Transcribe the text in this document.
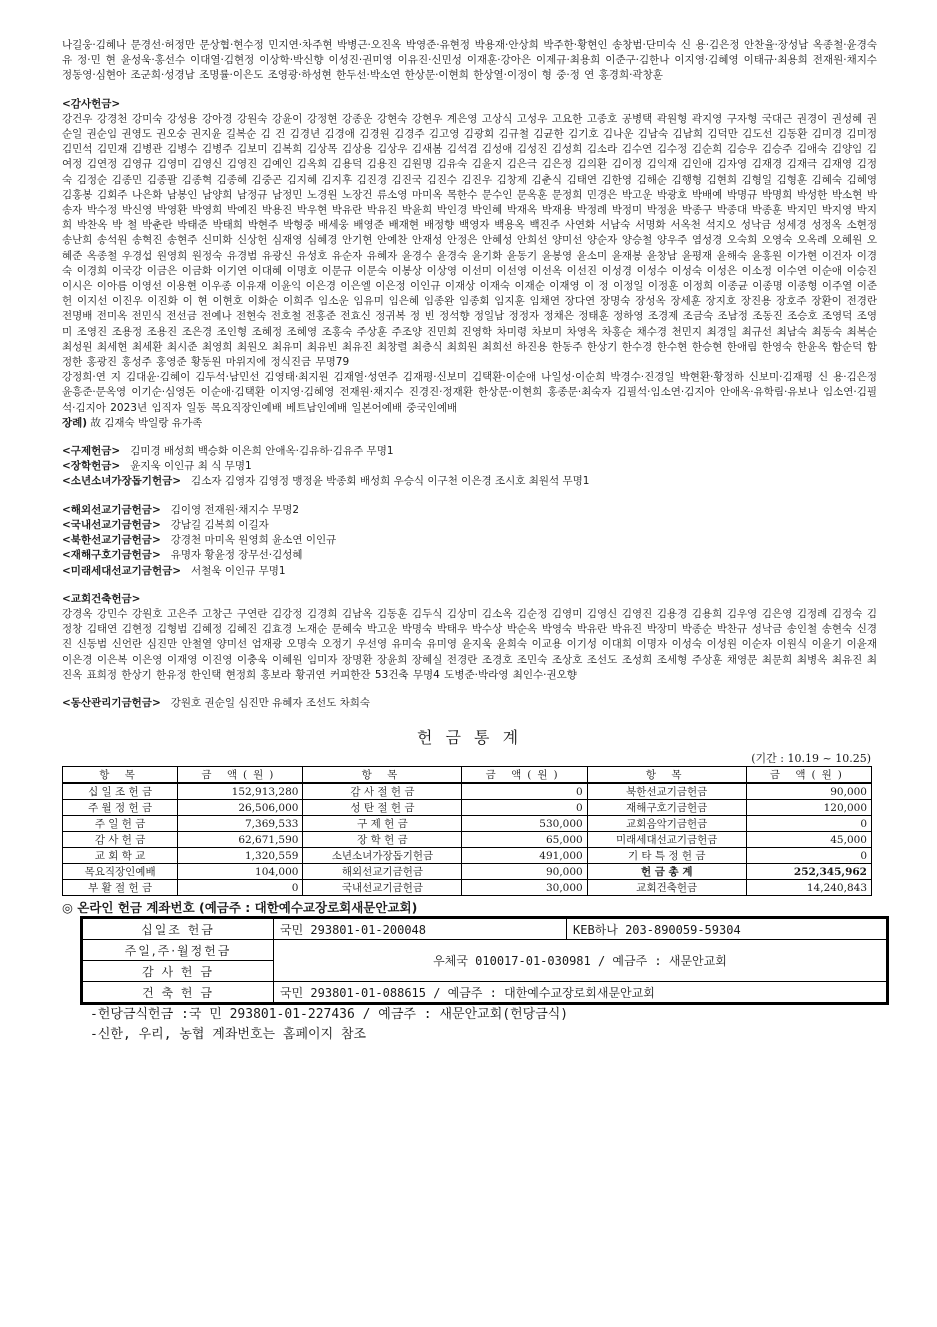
나길웅·김혜나 문경선·허정만 문상협·현수정 민지연·차주현 박병근·오진옥 박영준·유현정 박용재·안상희 박주한·황현인 송창범·단미숙 신 용·김은정 안찬율·장성남 옥종철·윤경숙 유 정·민 현 윤성욱·홍선수 이대열·김현정 이상학·박신향 이성진·권미영 이유진·신민성 이재훈·강아은 이제규·최용희 이준구·김한나 이지영·김혜영 이태규·최용희 전재원·채지수 정동영·심현아 조군희·성경남 조명률·이은도 조영광·하성현 한두선·박소연 한상문·이현희 한상열·이정이 형 중·정 연 홍경희·곽창훈
<감사헌금>
강건우 강경천 강미숙 강성용 강아경 강원숙 강윤이 강정현 강종운 강현숙 강현우 계은영 고상식 고성우 고요한 고종호 공병택 곽원형 곽지영 구자형 국대근 권경이 권성혜 권순일 권순임 권영도 권오숭 권지윤 길복순 김 건 김경년 김경애 김경원 김경주 김고영 김광회 김규철 김균한 김기호 김나운 김남숙 김남희 김덕만 김도선 김동환 김미경 김미정 김민석 김민재 김병관 김병수 김병주 김보미 김복희 김상목 김상용 김상우 김새봄 김석겸 김성애 김성진 김성희 김소라 김수연 김수정 김순희 김승우 김승주 김애숙 김양임 김여정 김연정 김영규 김영미 김영신 김영진 김예인 김옥희 김용덕 김용진 김원명 김유숙 김윤지 김은극 김은정 김의환 김이정 김익재 김인애 김자영 김재경 김재극 김재영 김정숙 김정순 김종민 김종팔 김종혁 김종혜 김중곤 김지혜 김지후 김진경 김진국 김진수 김진우 김창제 김춘식 김태연 김한영 김해순 김행형 김현희 김형일 김형훈 김혜숙 김혜영 김홍봉 김회주 나은화 남봉인 남양희 남정규 남정민 노경원 노장건 류소영 마미옥 목한수 문수인 문옥훈 문정희 민경은 박고운 박광호 박배예 박명규 박명희 박성한 박소현 박송자 박수정 박신영 박영환 박영희 박예진 박용진 박우현 박유란 박유진 박윤희 박인경 박인혜 박재옥 박재용 박정례 박정미 박정윤 박종구 박종대 박종훈 박지민 박지영 박지희 박찬옥 박 철 박춘란 박태준 박태희 박현주 박형중 배세웅 배영준 배재현 배정향 백영자 백용옥 백진주 사연화 서남숙 서명화 서옥천 석지오 성낙금 성세경 성정옥 소현정 송난희 송석원 송혁진 송현주 신미화 신상헌 심재영 심혜경 안기현 안예찬 안재성 안정은 안혜성 안희선 양미선 양순자 양승철 양우주 염성경 오숙희 오영숙 오옥례 오혜원 오혜준 옥종철 우경섭 원영희 원정숙 유경범 유광신 유성호 유순자 유혜자 윤경수 윤경숙 윤기화 윤동기 윤봉영 윤소미 윤재봉 윤창남 윤평재 윤해숙 윤홍원 이가현 이건자 이경숙 이경희 이국강 이금은 이금화 이기연 이대혜 이명호 이문규 이문숙 이봉상 이상영 이선미 이선영 이선옥 이선진 이성경 이성수 이성숙 이성은 이소정 이수연 이순애 이승진 이시은 이아름 이영선 이용현 이우종 이유재 이윤익 이은경 이은엘 이은정 이인규 이재상 이재숙 이재순 이재영 이 정 이정일 이정훈 이정희 이종균 이종명 이종형 이주열 이준헌 이지선 이진우 이진화 이 현 이현호 이화순 이희주 임소운 임유미 임은혜 임종완 임종회 임지훈 임채연 장다연 장명숙 장성옥 장세훈 장지호 장진용 장호주 장환이 전경란 전명배 전미옥 전민식 전선금 전예나 전현숙 전호철 전홍준 전효신 정귀복 정 빈 정석향 정일남 정정자 정채은 정태훈 정하영 조경제 조금숙 조남정 조동진 조승호 조영덕 조영미 조영진 조용정 조용진 조은경 조인형 조혜정 조혜영 조홍숙 주상훈 주조양 진민희 진영학 차미령 차보미 차영옥 차홍순 채수경 천민지 최경일 최규선 최남숙 최동숙 최복순 최성원 최세현 최세환 최시준 최영희 최원오 최유미 최유빈 최유진 최창렬 최층식 최희원 최희선 하진용 한동주 한상기 한수경 한수현 한승현 한애림 한영숙 한윤옥 함순덕 함정한 홍광진 홍성주 홍영준 황동원 마위지에 정식진금 무명79
강정희·연 지 김대윤·김혜이 김두석·남민선 김영태·최지원 김재열·성연주 김재평·신보미 김택환·이순애 나일성·이순희 박경수·진경일 박현환·황정하 신보미·김재평 신 용·김은정 윤흥준·문옥영 이기순·심영돈 이순애·김택환 이지영·김혜영 전재원·채지수 진경진·정재환 한상문·이현희 홍종문·최숙자 김필석·임소연·김지아 안애옥·유학림·유보나 임소연·김필석·김지아 2023년 임직자 일동 목요직장인예배 베트남인예배 일본어예배 중국인예배
장례) 故 김재숙 박일랑 유가족
<구제헌금> 김미경 배성희 백승화 이은희 안애옥·김유하·김유주 무명1
<장학헌금> 윤지욱 이인규 최 식 무명1
<소년소녀가장돕기헌금> 김소자 김영자 김영정 맹정윤 박종회 배성희 우승식 이구천 이은경 조시호 최원석 무명1
<해외선교기금헌금> 김이영 전재원·채지수 무명2
<국내선교기금헌금> 강남길 김복희 이길자
<북한선교기금헌금> 강경천 마미옥 원영희 윤소연 이인규
<재해구호기금헌금> 유명자 황윤정 장무선·김성혜
<미래세대선교기금헌금> 서철욱 이인규 무명1
<교회건축헌금>
강경옥 강민수 강원호 고은주 고창근 구연란 김강정 김경희 김남옥 김동훈 김두식 김상미 김소옥 김순정 김영미 김영신 김영진 김용경 김용희 김우영 김은영 김정례 김정숙 김정창 김태연 김현정 김형범 김혜정 김혜진 김효경 노재순 문혜숙 박고운 박명숙 박태우 박수상 박순옥 박영숙 박유란 박유진 박장미 박종순 박찬규 성낙금 송인철 송현숙 신경진 신동범 신언란 심진만 안철열 양미선 엄재광 오명숙 오정기 우선영 유미숙 유미영 윤지욱 윤희숙 이교용 이기성 이대희 이명자 이성숙 이성원 이순자 이원식 이윤기 이윤재 이은경 이은복 이은영 이재영 이진영 이충욱 이혜원 임미자 장명환 장윤희 장혜실 전경란 조경호 조민숙 조상호 조선도 조성희 조세형 주상훈 채영문 최문희 최병옥 최유진 최진옥 표희정 한상기 한유정 한인택 현정희 홍보라 황귀연 커피한잔 53건축 무명4 도병준·박라영 최인수·권오향
<동산관리기금헌금> 강원호 권순일 심진만 유혜자 조선도 차희숙
헌 금 통 계
(기간 : 10.19 ~ 10.25)
항 목	금 액(원)	항 목	금 액(원)	항 목	금 액(원)
십 일 조 헌 금	152,913,280	감 사 절 헌 금	0	북한선교기금헌금	90,000
주 월 정 헌 금	26,506,000	성 탄 절 헌 금	0	재해구호기금헌금	120,000
주 일 헌 금	7,369,533	구 제 헌 금	530,000	교회음악기금헌금	0
감 사 헌 금	62,671,590	장 학 헌 금	65,000	미래세대선교기금헌금	45,000
교 회 학 교	1,320,559	소년소녀가장돕기헌금	491,000	기 타 특 정 헌 금	0
목요직장인예배	104,000	해외선교기금헌금	90,000	헌 금 총 계	252,345,962
부 활 절 헌 금	0	국내선교기금헌금	30,000	교회건축헌금	14,240,843
◎ 온라인 헌금 계좌번호 (예금주 : 대한예수교장로회새문안교회)
십일조 헌금	국민 293801-01-200048	KEB하나 203-890059-59304
주일,주·월정헌금	우체국 010017-01-030981 / 예금주 : 새문안교회	
감 사 헌 금		
건 축 헌 금	국민 293801-01-088615 / 예금주 : 대한예수교장로회새문안교회	
-헌당금식헌금 :국 민 293801-01-227436 / 예금주 : 새문안교회(헌당금식)
-신한, 우리, 농협 계좌번호는 홈페이지 참조
